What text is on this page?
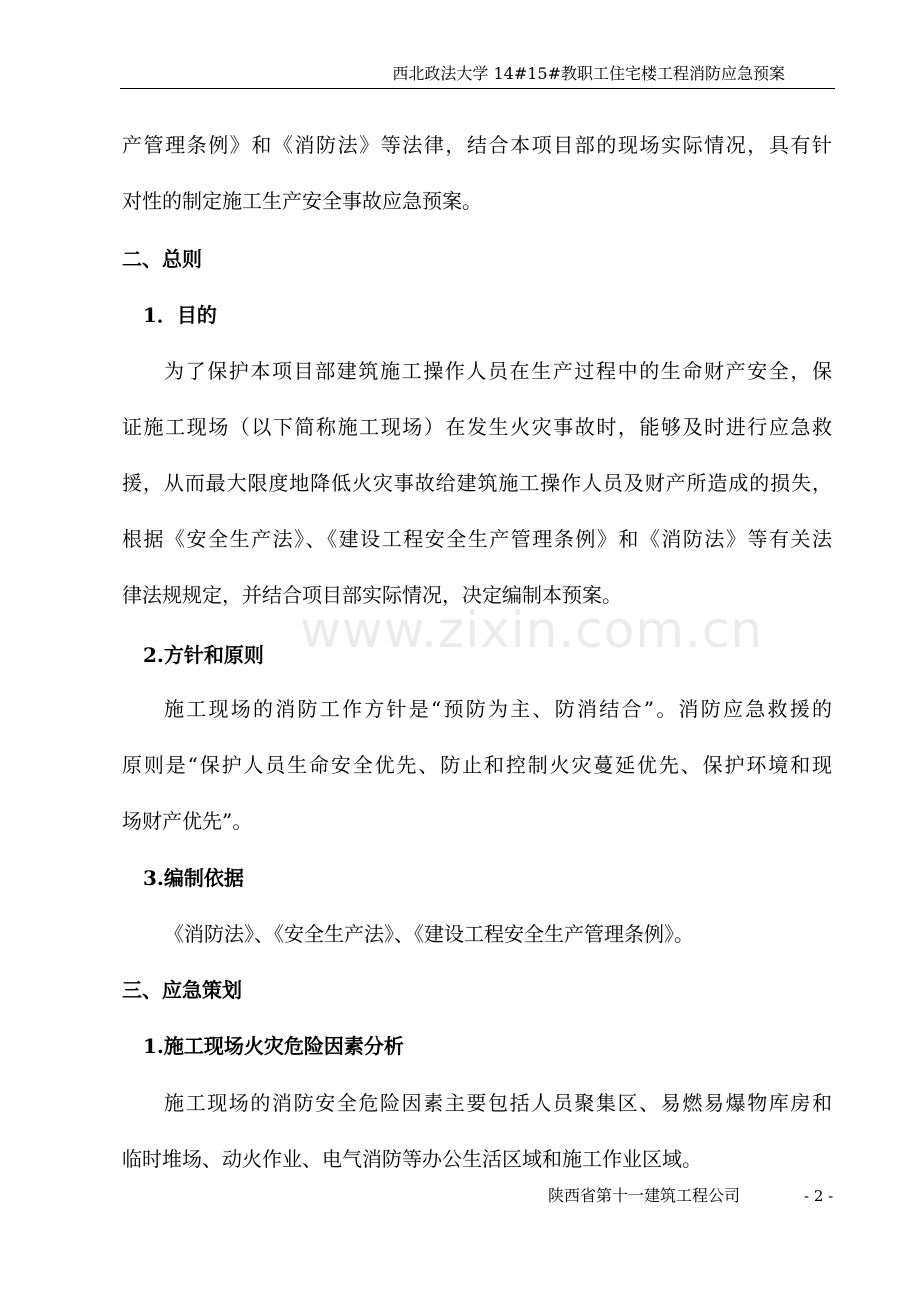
西北政法大学 14#15#教职工住宅楼工程消防应急预案
产管理条例》和《消防法》等法律，结合本项目部的现场实际情况，具有针
对性的制定施工生产安全事故应急预案。
二、总则
1．目的
为了保护本项目部建筑施工操作人员在生产过程中的生命财产安全，保
证施工现场（以下简称施工现场）在发生火灾事故时，能够及时进行应急救
援，从而最大限度地降低火灾事故给建筑施工操作人员及财产所造成的损失，
根据《安全生产法》、《建设工程安全生产管理条例》和《消防法》等有关法
律法规规定，并结合项目部实际情况，决定编制本预案。
www.zixin.com.cn
2.方针和原则
施工现场的消防工作方针是“预防为主、防消结合”。消防应急救援的
原则是“保护人员生命安全优先、防止和控制火灾蔓延优先、保护环境和现
场财产优先”。
3.编制依据
《消防法》、《安全生产法》、《建设工程安全生产管理条例》。
三、应急策划
1.施工现场火灾危险因素分析
施工现场的消防安全危险因素主要包括人员聚集区、易燃易爆物库房和
临时堆场、动火作业、电气消防等办公生活区域和施工作业区域。
陕西省第十一建筑工程公司	- 2 -
